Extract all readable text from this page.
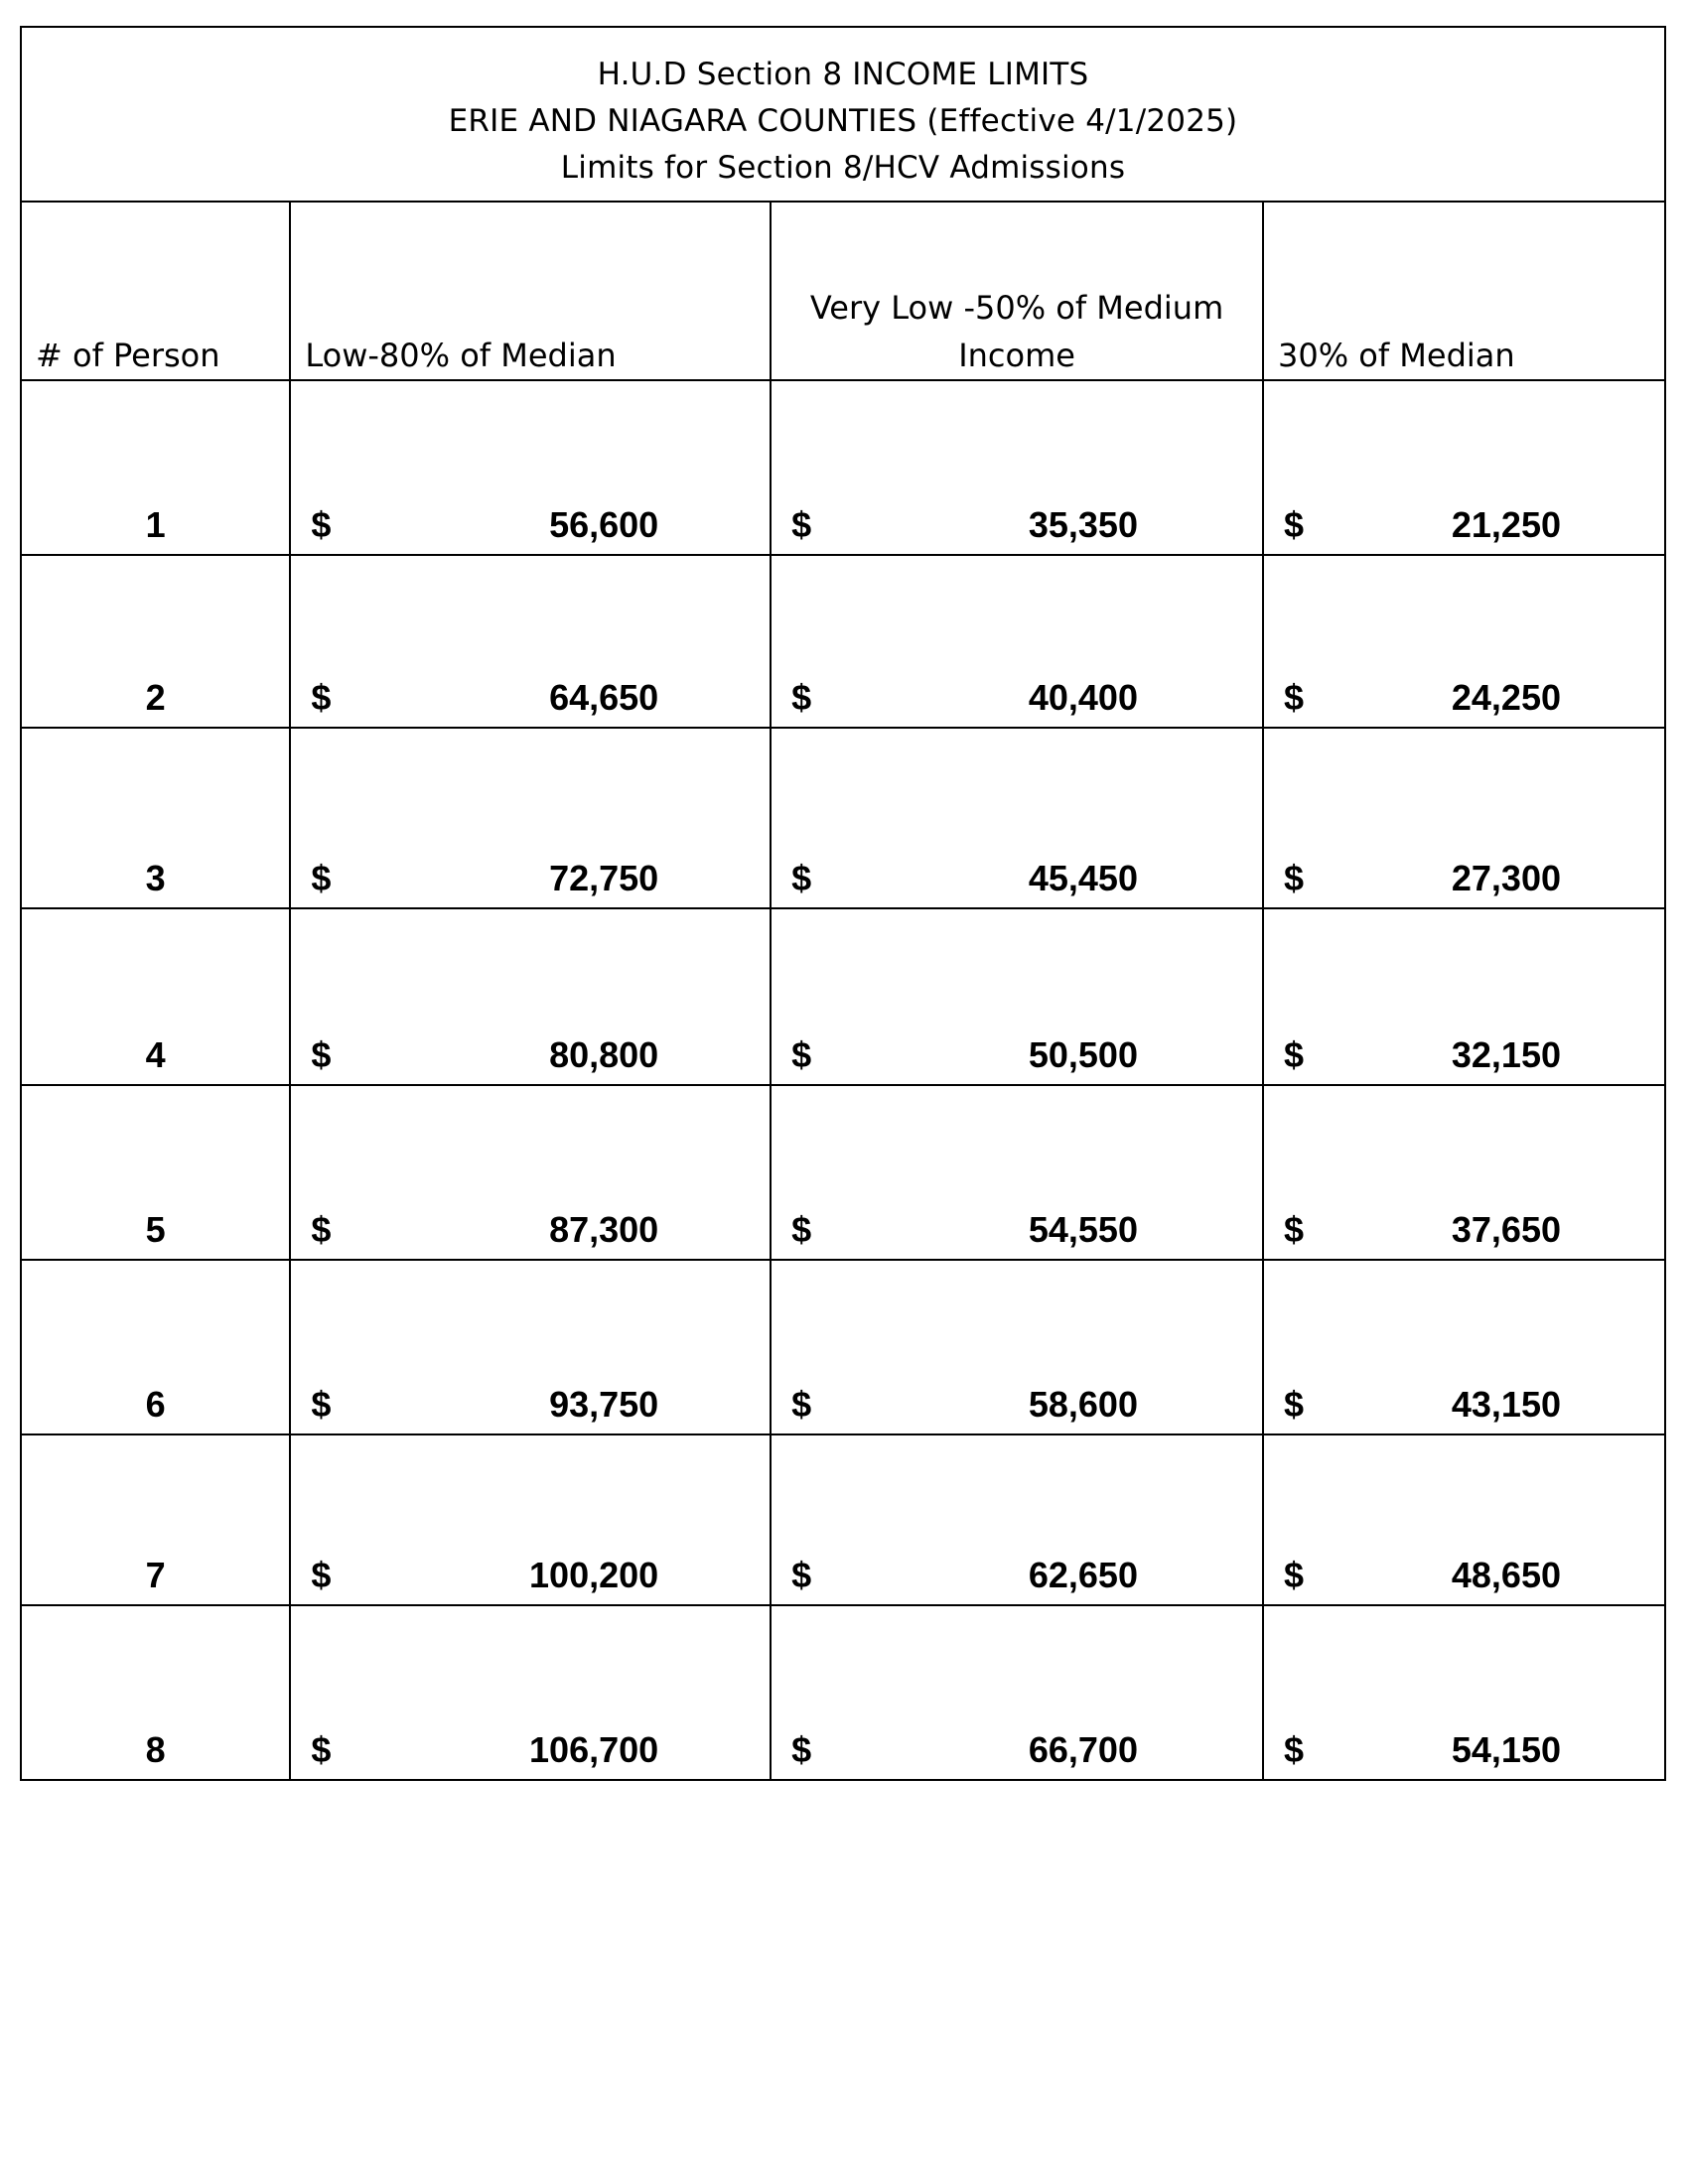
H.U.D Section 8 INCOME LIMITS
ERIE AND NIAGARA COUNTIES (Effective 4/1/2025)
Limits for Section 8/HCV Admissions
# of Person	Low-80% of Median
Very Low -50% of Medium
Income	30% of Median
1	$	56,600	$	35,350	$	21,250
2	$	64,650	$	40,400	$	24,250
3	$	72,750	$	45,450	$	27,300
4	$	80,800	$	50,500	$	32,150
5	$	87,300	$	54,550	$	37,650
6	$	93,750	$	58,600	$	43,150
7	$	100,200	$	62,650	$	48,650
8	$	106,700	$	66,700	$	54,150
